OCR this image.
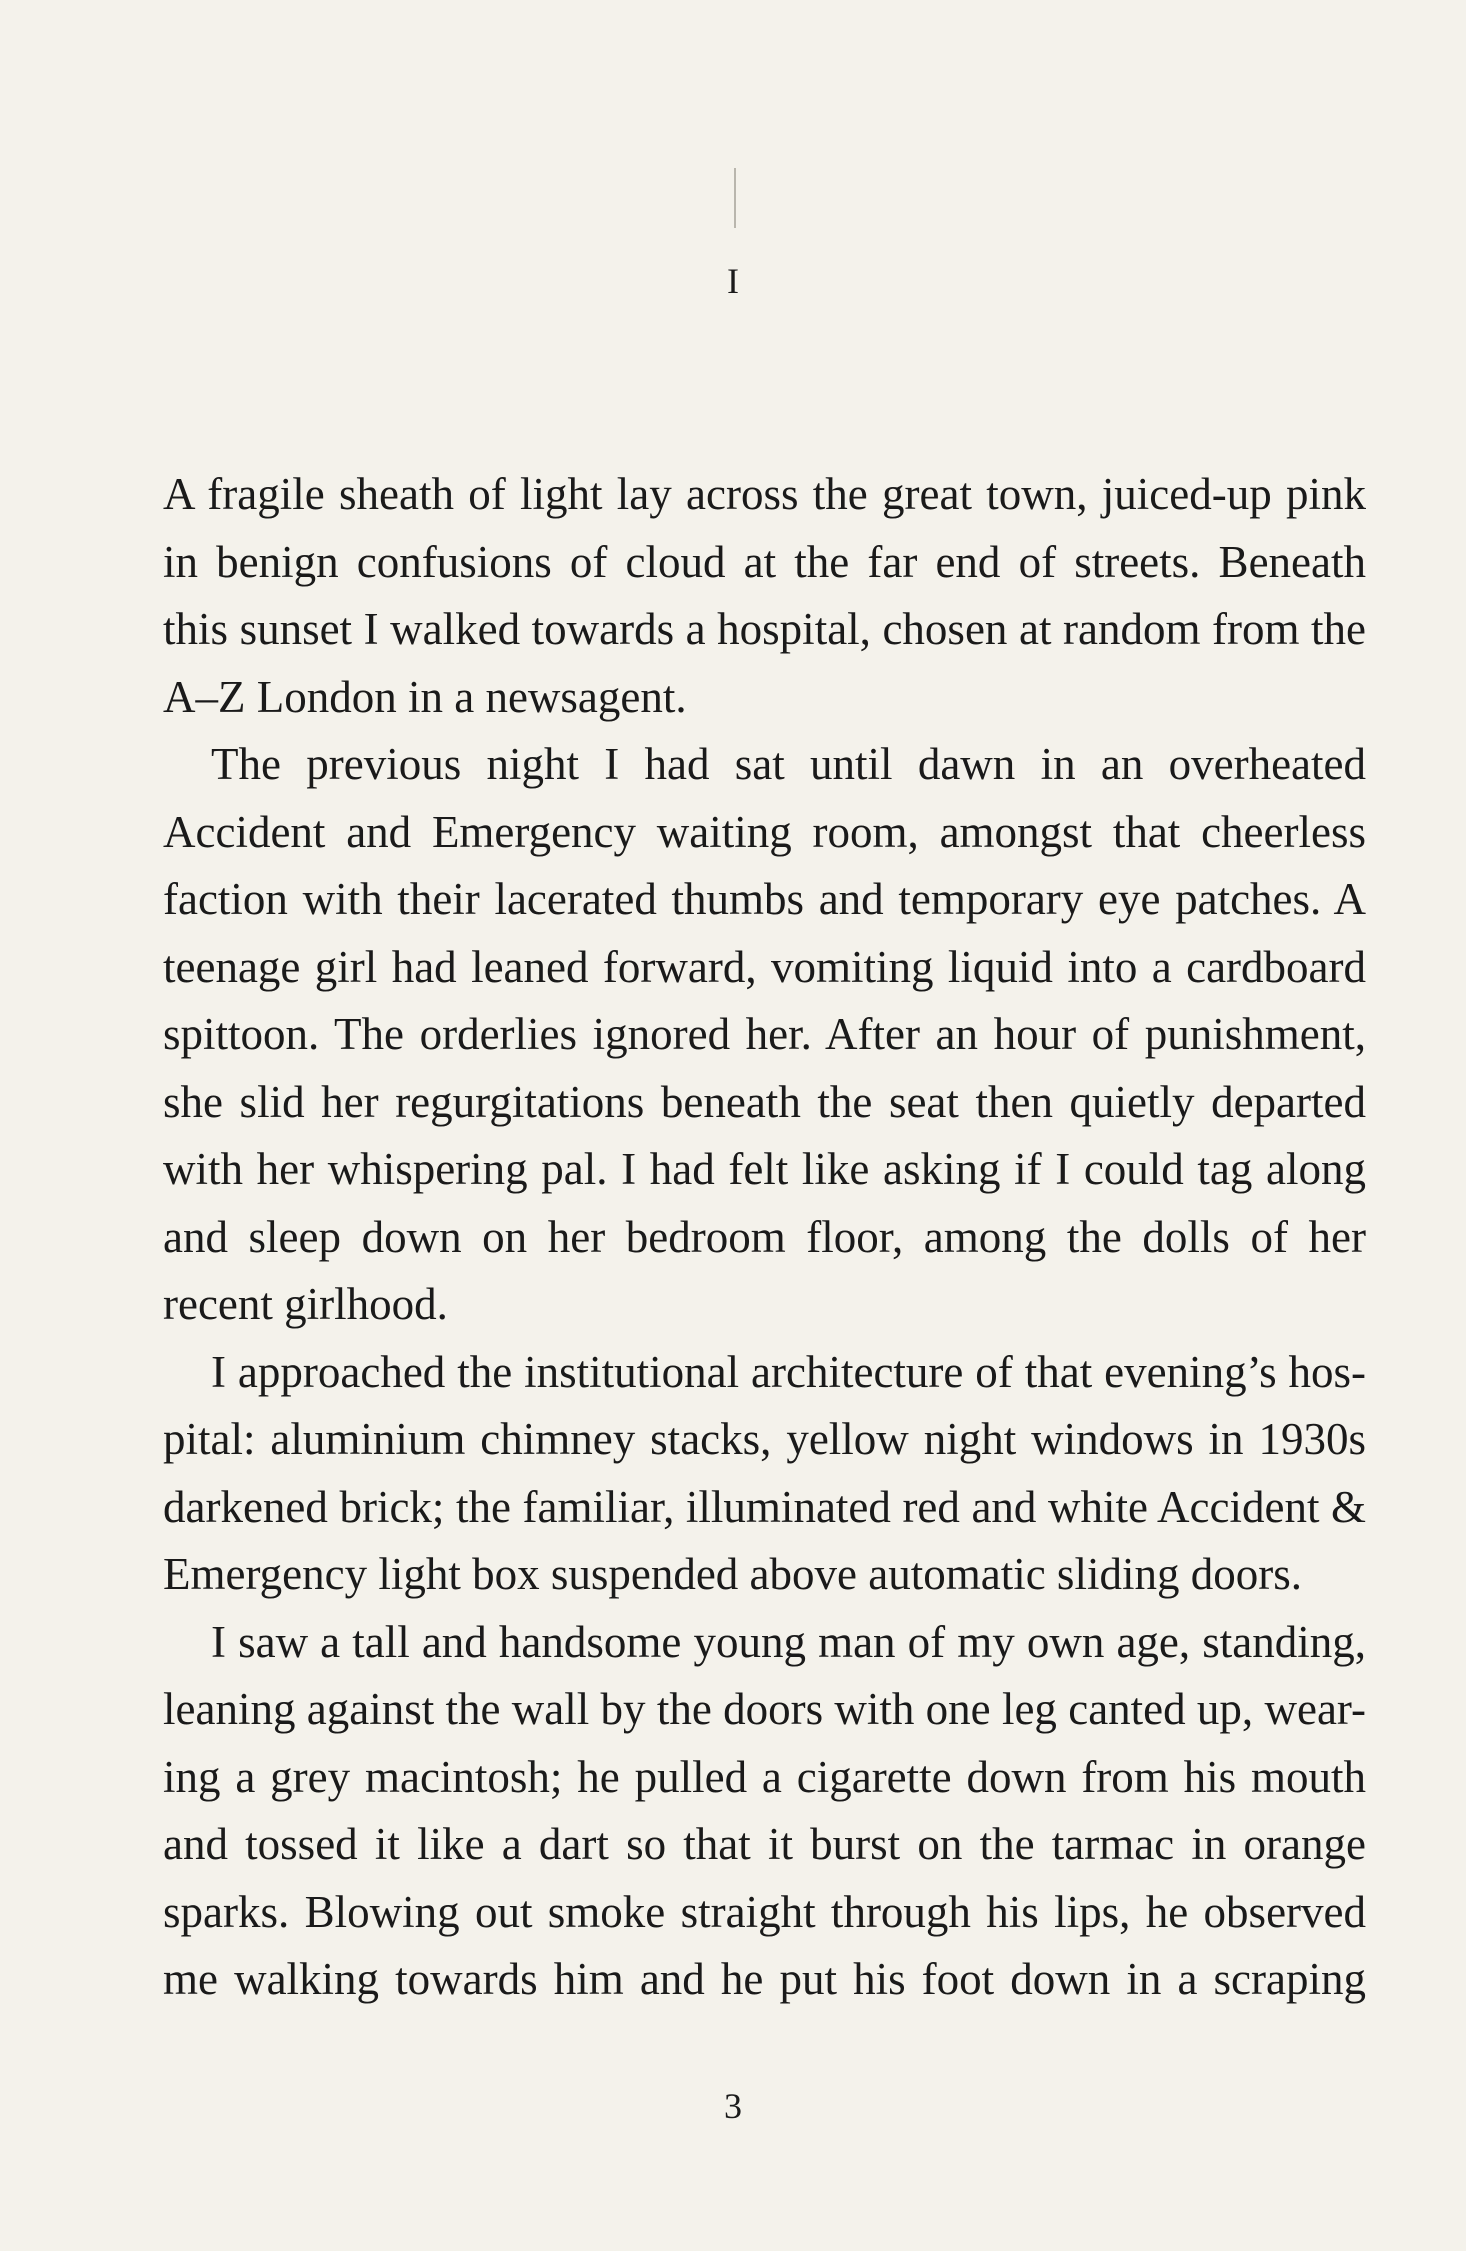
I
A fragile sheath of light lay across the great town, juiced-up pink
in benign confusions of cloud at the far end of streets. Beneath
this sunset I walked towards a hospital, chosen at random from the
A–Z London in a newsagent.
The previous night I had sat until dawn in an overheated
Accident and Emergency waiting room, amongst that cheerless
faction with their lacerated thumbs and temporary eye patches. A
teenage girl had leaned forward, vomiting liquid into a cardboard
spittoon. The orderlies ignored her. After an hour of punishment,
she slid her regurgitations beneath the seat then quietly departed
with her whispering pal. I had felt like asking if I could tag along
and sleep down on her bedroom floor, among the dolls of her
recent girlhood.
I approached the institutional architecture of that evening’s hos-
pital: aluminium chimney stacks, yellow night windows in 1930s
darkened brick; the familiar, illuminated red and white Accident &
Emergency light box suspended above automatic sliding doors.
I saw a tall and handsome young man of my own age, standing,
leaning against the wall by the doors with one leg canted up, wear-
ing a grey macintosh; he pulled a cigarette down from his mouth
and tossed it like a dart so that it burst on the tarmac in orange
sparks. Blowing out smoke straight through his lips, he observed
me walking towards him and he put his foot down in a scraping
3
